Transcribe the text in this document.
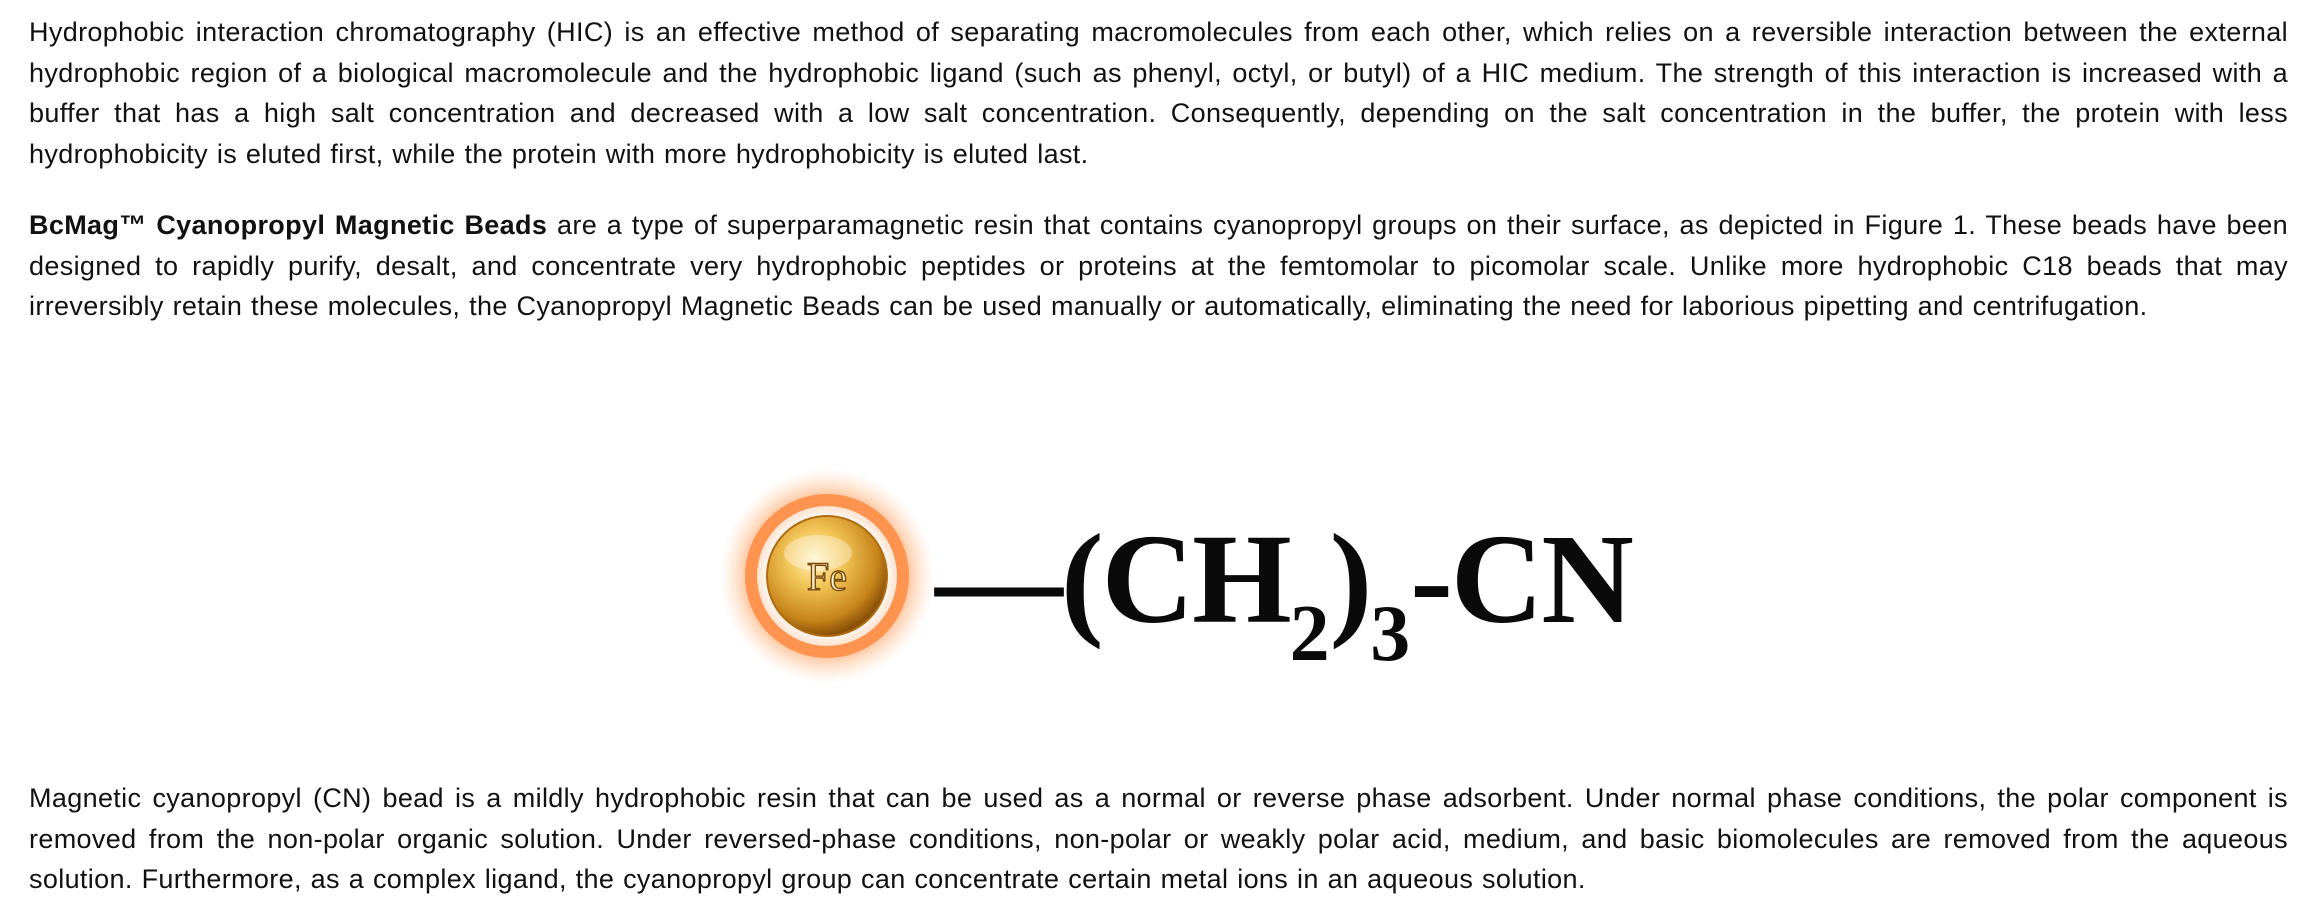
Hydrophobic interaction chromatography (HIC) is an effective method of separating macromolecules from each other, which relies on a reversible interaction between the external hydrophobic region of a biological macromolecule and the hydrophobic ligand (such as phenyl, octyl, or butyl) of a HIC medium. The strength of this interaction is increased with a buffer that has a high salt concentration and decreased with a low salt concentration. Consequently, depending on the salt concentration in the buffer, the protein with less hydrophobicity is eluted first, while the protein with more hydrophobicity is eluted last.

BcMag™ Cyanopropyl Magnetic Beads are a type of superparamagnetic resin that contains cyanopropyl groups on their surface, as depicted in Figure 1. These beads have been designed to rapidly purify, desalt, and concentrate very hydrophobic peptides or proteins at the femtomolar to picomolar scale. Unlike more hydrophobic C18 beads that may irreversibly retain these molecules, the Cyanopropyl Magnetic Beads can be used manually or automatically, eliminating the need for laborious pipetting and centrifugation.

Magnetic cyanopropyl (CN) bead is a mildly hydrophobic resin that can be used as a normal or reverse phase adsorbent. Under normal phase conditions, the polar component is removed from the non-polar organic solution. Under reversed-phase conditions, non-polar or weakly polar acid, medium, and basic biomolecules are removed from the aqueous solution. Furthermore, as a complex ligand, the cyanopropyl group can concentrate certain metal ions in an aqueous solution.

Fe $—(CH_2)_3-CN$
